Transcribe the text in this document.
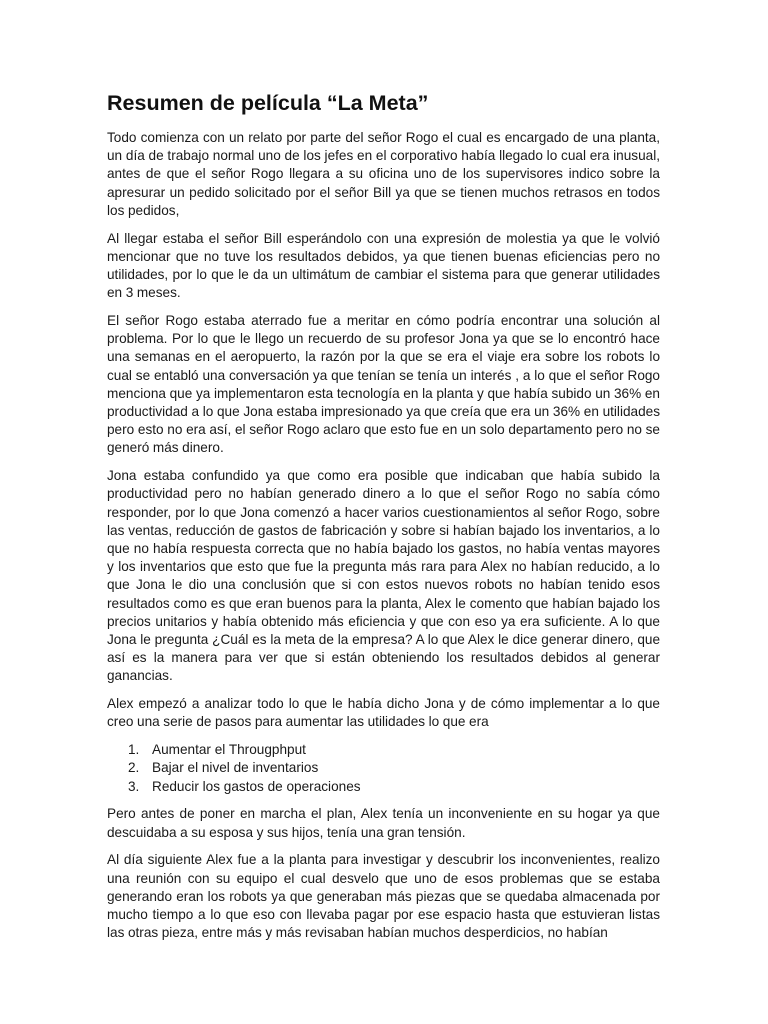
Resumen de película “La Meta”

Todo comienza con un relato por parte del señor Rogo el cual es encargado de una planta, un día de trabajo normal uno de los jefes en el corporativo había llegado lo cual era inusual, antes de que el señor Rogo llegara a su oficina uno de los supervisores indico sobre la apresurar un pedido solicitado por el señor Bill ya que se tienen muchos retrasos en todos los pedidos,

Al llegar estaba el señor Bill esperándolo con una expresión de molestia ya que le volvió mencionar que no tuve los resultados debidos, ya que tienen buenas eficiencias pero no utilidades, por lo que le da un ultimátum de cambiar el sistema para que generar utilidades en 3 meses.

El señor Rogo estaba aterrado fue a meritar en cómo podría encontrar una solución al problema. Por lo que le llego un recuerdo de su profesor Jona ya que se lo encontró hace una semanas en el aeropuerto, la razón por la que se era el viaje era sobre los robots lo cual se entabló una conversación ya que tenían se tenía un interés , a lo que el señor Rogo menciona que ya implementaron esta tecnología en la planta y que había subido un 36% en productividad a lo que Jona estaba impresionado ya que creía que era un 36% en utilidades pero esto no era así, el señor Rogo aclaro que esto fue en un solo departamento pero no se generó más dinero.

Jona estaba confundido ya que como era posible que indicaban que había subido la productividad pero no habían generado dinero a lo que el señor Rogo no sabía cómo responder, por lo que Jona comenzó a hacer varios cuestionamientos al señor Rogo, sobre las ventas, reducción de gastos de fabricación y sobre si habían bajado los inventarios, a lo que no había respuesta correcta que no había bajado los gastos, no había ventas mayores y los inventarios que esto que fue la pregunta más rara para Alex no habían reducido, a lo que Jona le dio una conclusión que si con estos nuevos robots no habían tenido esos resultados como es que eran buenos para la planta, Alex le comento que habían bajado los precios unitarios y había obtenido más eficiencia y que con eso ya era suficiente. A lo que Jona le pregunta ¿Cuál es la meta de la empresa? A lo que Alex le dice generar dinero, que así es la manera para ver que si están obteniendo los resultados debidos al generar ganancias.

Alex empezó a analizar todo lo que le había dicho Jona y de cómo implementar a lo que creo una serie de pasos para aumentar las utilidades lo que era

1. Aumentar el Througphput
2. Bajar el nivel de inventarios
3. Reducir los gastos de operaciones

Pero antes de poner en marcha el plan, Alex tenía un inconveniente en su hogar ya que descuidaba a su esposa y sus hijos, tenía una gran tensión.

Al día siguiente Alex fue a la planta para investigar y descubrir los inconvenientes, realizo una reunión con su equipo el cual desvelo que uno de esos problemas que se estaba generando eran los robots ya que generaban más piezas que se quedaba almacenada por mucho tiempo a lo que eso con llevaba pagar por ese espacio hasta que estuvieran listas las otras pieza, entre más y más revisaban habían muchos desperdicios, no habían
